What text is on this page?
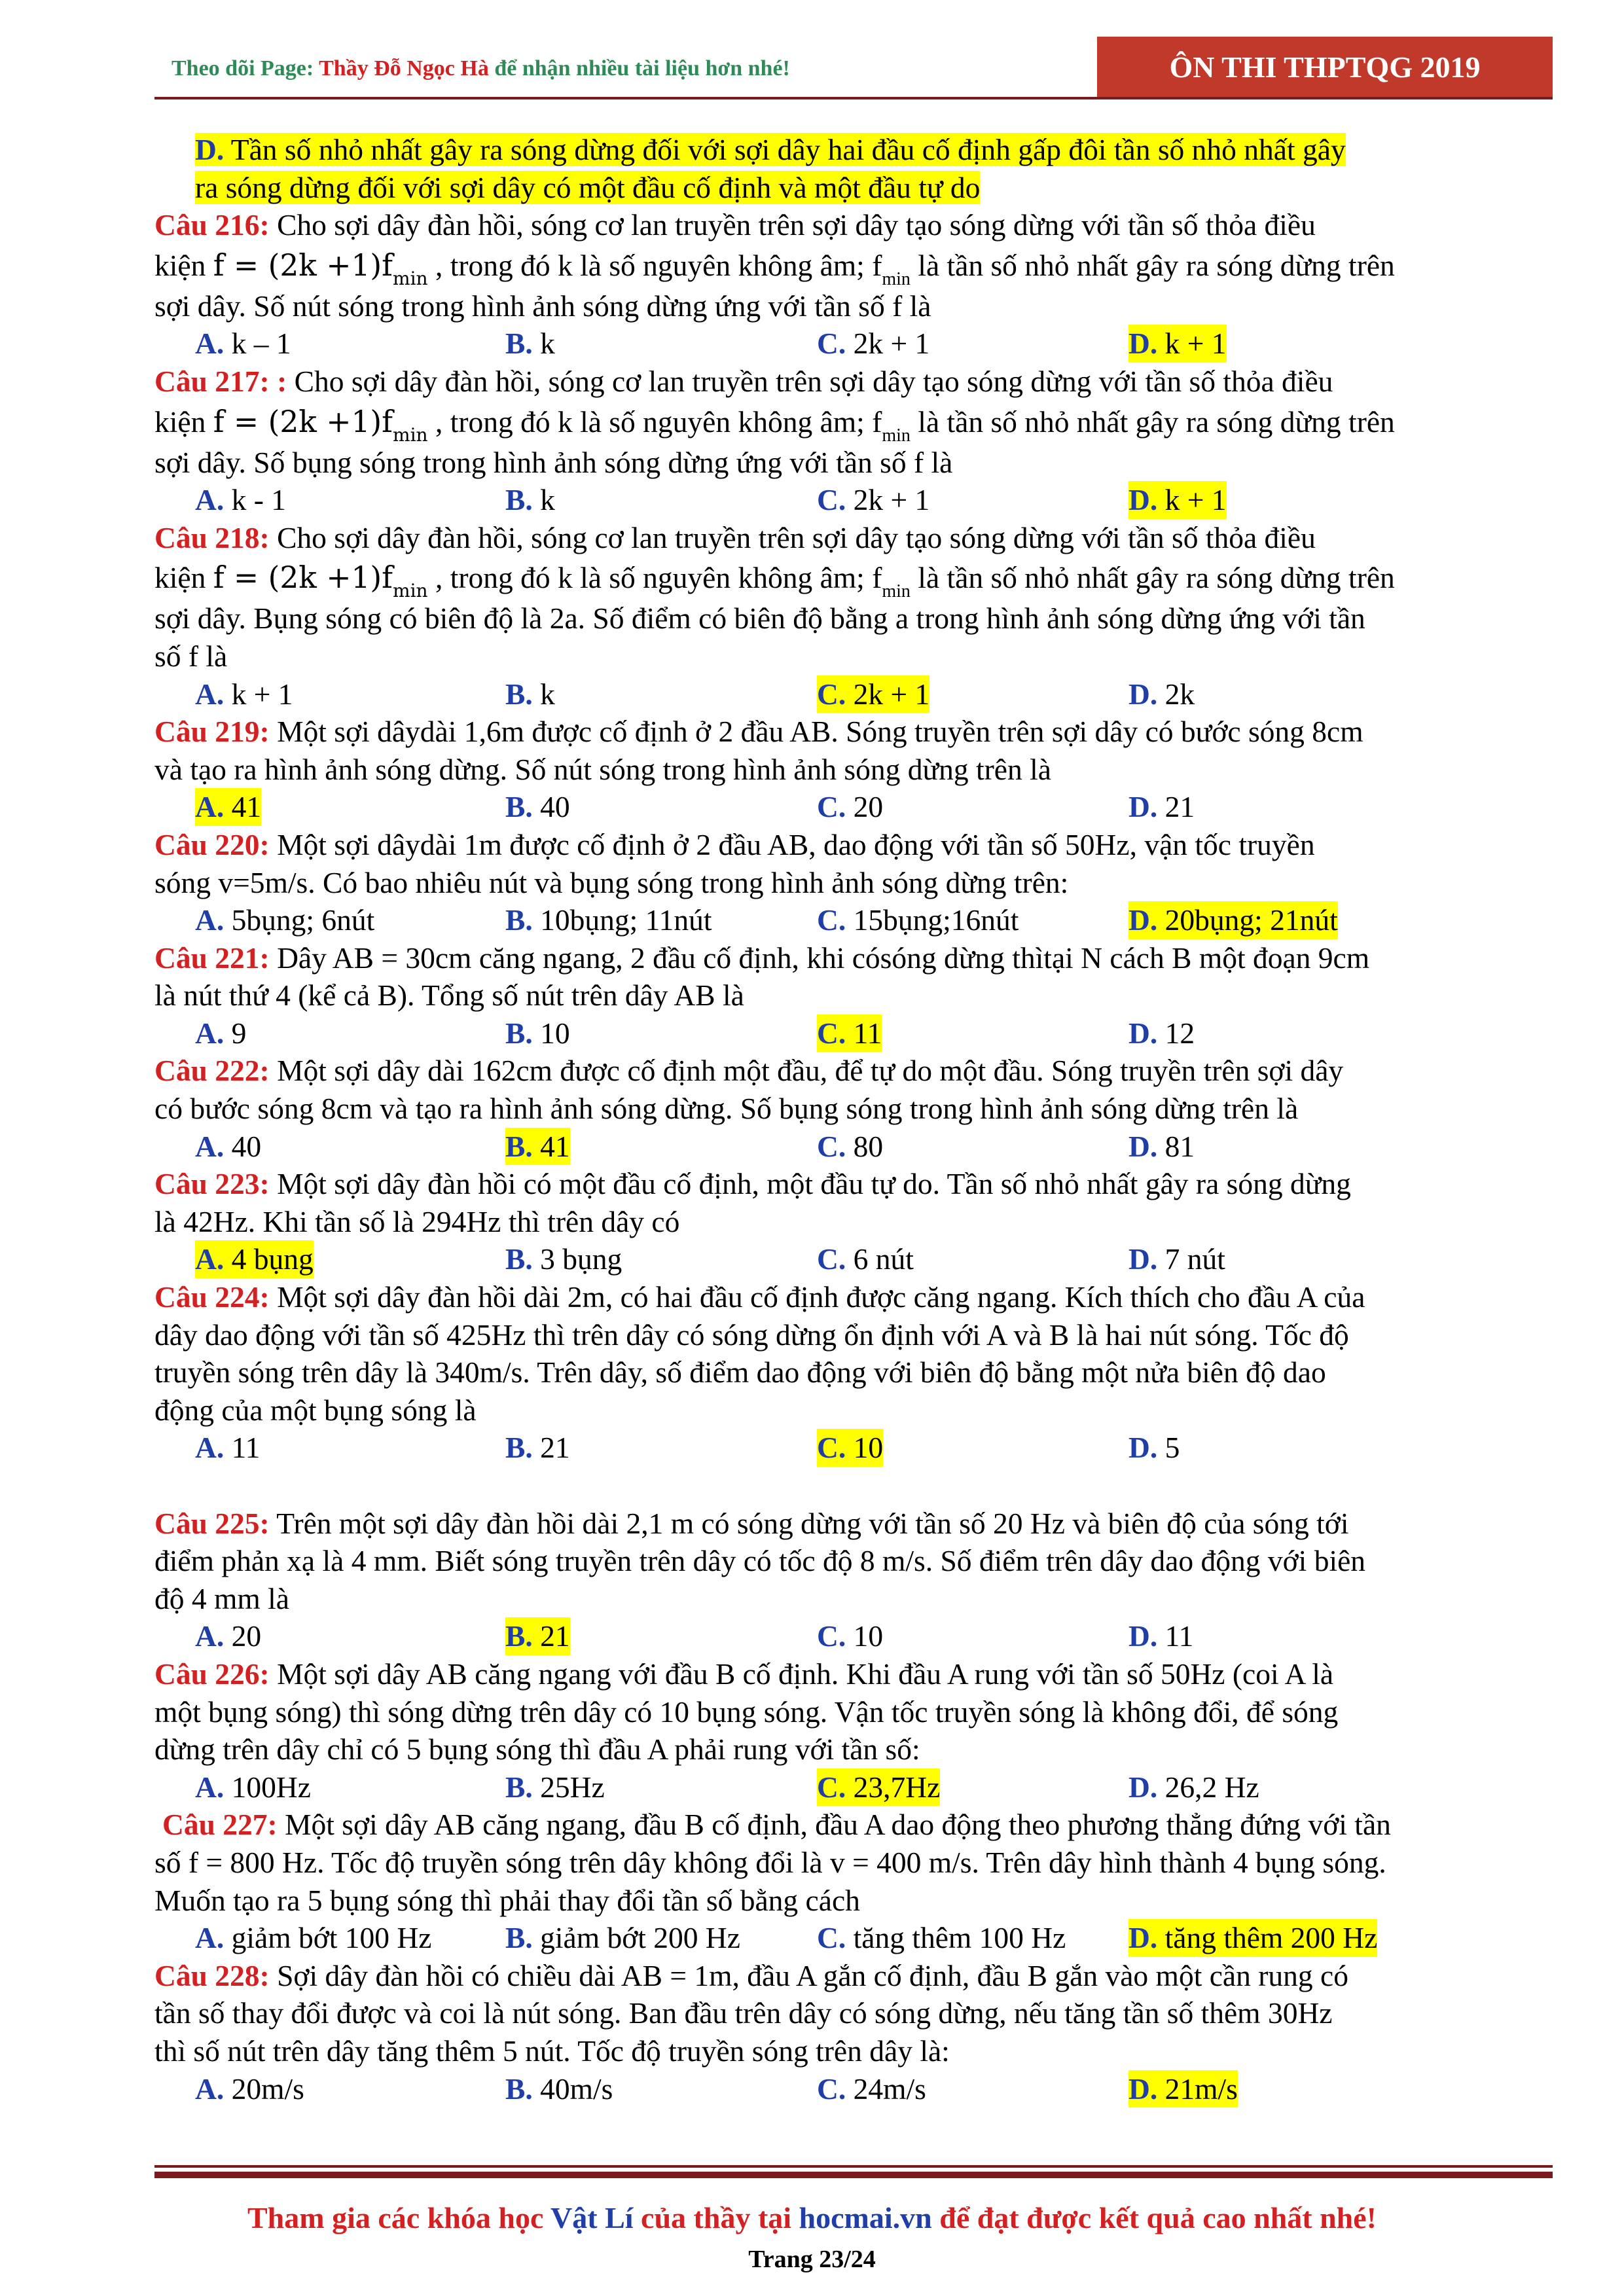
Theo dõi Page: Thầy Đỗ Ngọc Hà để nhận nhiều tài liệu hơn nhé!	ÔN THI THPTQG 2019
D. Tần số nhỏ nhất gây ra sóng dừng đối với sợi dây hai đầu cố định gấp đôi tần số nhỏ nhất gây
ra sóng dừng đối với sợi dây có một đầu cố định và một đầu tự do
Câu 216: Cho sợi dây đàn hồi, sóng cơ lan truyền trên sợi dây tạo sóng dừng với tần số thỏa điều
kiện $f = (2k +1)f_{min}$ , trong đó k là số nguyên không âm; $f_{min}$ là tần số nhỏ nhất gây ra sóng dừng trên
sợi dây. Số nút sóng trong hình ảnh sóng dừng ứng với tần số f là
A. k – 1	B. k	C. 2k + 1	D. k + 1
Câu 217: : Cho sợi dây đàn hồi, sóng cơ lan truyền trên sợi dây tạo sóng dừng với tần số thỏa điều
kiện $f = (2k +1)f_{min}$ , trong đó k là số nguyên không âm; $f_{min}$ là tần số nhỏ nhất gây ra sóng dừng trên
sợi dây. Số bụng sóng trong hình ảnh sóng dừng ứng với tần số f là
A. k - 1	B. k	C. 2k + 1	D. k + 1
Câu 218: Cho sợi dây đàn hồi, sóng cơ lan truyền trên sợi dây tạo sóng dừng với tần số thỏa điều
kiện $f = (2k +1)f_{min}$ , trong đó k là số nguyên không âm; $f_{min}$ là tần số nhỏ nhất gây ra sóng dừng trên
sợi dây. Bụng sóng có biên độ là 2a. Số điểm có biên độ bằng a trong hình ảnh sóng dừng ứng với tần
số f là
A. k + 1	B. k	C. 2k + 1	D. 2k
Câu 219: Một sợi dâydài 1,6m được cố định ở 2 đầu AB. Sóng truyền trên sợi dây có bước sóng 8cm
và tạo ra hình ảnh sóng dừng. Số nút sóng trong hình ảnh sóng dừng trên là
A. 41	B. 40	C. 20	D. 21
Câu 220: Một sợi dâydài 1m được cố định ở 2 đầu AB, dao động với tần số 50Hz, vận tốc truyền
sóng v=5m/s. Có bao nhiêu nút và bụng sóng trong hình ảnh sóng dừng trên:
A. 5bụng; 6nút	B. 10bụng; 11nút	C. 15bụng;16nút	D. 20bụng; 21nút
Câu 221: Dây AB = 30cm căng ngang, 2 đầu cố định, khi cósóng dừng thìtại N cách B một đoạn 9cm
là nút thứ 4 (kể cả B). Tổng số nút trên dây AB là
A. 9	B. 10	C. 11	D. 12
Câu 222: Một sợi dây dài 162cm được cố định một đầu, để tự do một đầu. Sóng truyền trên sợi dây
có bước sóng 8cm và tạo ra hình ảnh sóng dừng. Số bụng sóng trong hình ảnh sóng dừng trên là
A. 40	B. 41	C. 80	D. 81
Câu 223: Một sợi dây đàn hồi có một đầu cố định, một đầu tự do. Tần số nhỏ nhất gây ra sóng dừng
là 42Hz. Khi tần số là 294Hz thì trên dây có
A. 4 bụng	B. 3 bụng	C. 6 nút	D. 7 nút
Câu 224: Một sợi dây đàn hồi dài 2m, có hai đầu cố định được căng ngang. Kích thích cho đầu A của
dây dao động với tần số 425Hz thì trên dây có sóng dừng ổn định với A và B là hai nút sóng. Tốc độ
truyền sóng trên dây là 340m/s. Trên dây, số điểm dao động với biên độ bằng một nửa biên độ dao
động của một bụng sóng là
A. 11	B. 21	C. 10	D. 5
Câu 225: Trên một sợi dây đàn hồi dài 2,1 m có sóng dừng với tần số 20 Hz và biên độ của sóng tới
điểm phản xạ là 4 mm. Biết sóng truyền trên dây có tốc độ 8 m/s. Số điểm trên dây dao động với biên
độ 4 mm là
A. 20	B. 21	C. 10	D. 11
Câu 226: Một sợi dây AB căng ngang với đầu B cố định. Khi đầu A rung với tần số 50Hz (coi A là
một bụng sóng) thì sóng dừng trên dây có 10 bụng sóng. Vận tốc truyền sóng là không đổi, để sóng
dừng trên dây chỉ có 5 bụng sóng thì đầu A phải rung với tần số:
A. 100Hz	B. 25Hz	C. 23,7Hz	D. 26,2 Hz
Câu 227: Một sợi dây AB căng ngang, đầu B cố định, đầu A dao động theo phương thẳng đứng với tần
số f = 800 Hz. Tốc độ truyền sóng trên dây không đổi là v = 400 m/s. Trên dây hình thành 4 bụng sóng.
Muốn tạo ra 5 bụng sóng thì phải thay đổi tần số bằng cách
A. giảm bớt 100 Hz B. giảm bớt 200 Hz	C. tăng thêm 100 Hz D. tăng thêm 200 Hz
Câu 228: Sợi dây đàn hồi có chiều dài AB = 1m, đầu A gắn cố định, đầu B gắn vào một cần rung có
tần số thay đổi được và coi là nút sóng. Ban đầu trên dây có sóng dừng, nếu tăng tần số thêm 30Hz
thì số nút trên dây tăng thêm 5 nút. Tốc độ truyền sóng trên dây là:
A. 20m/s	B. 40m/s	C. 24m/s	D. 21m/s
Tham gia các khóa học Vật Lí của thầy tại hocmai.vn để đạt được kết quả cao nhất nhé!
Trang 23/24
